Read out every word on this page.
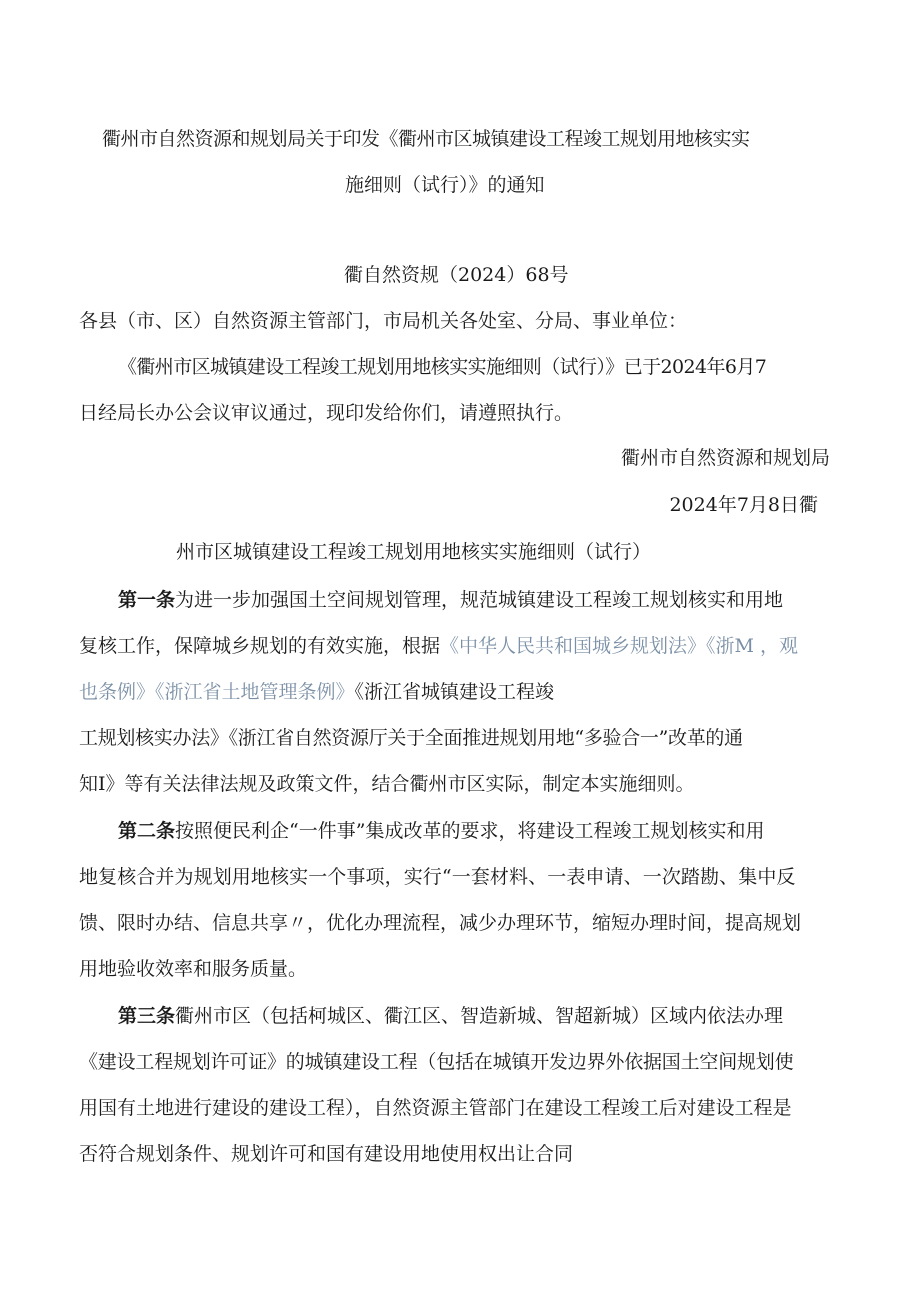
衢州市自然资源和规划局关于印发《衢州市区城镇建设工程竣工规划用地核实实
施细则（试行）》的通知
衢自然资规（2024）68号
各县（市、区）自然资源主管部门，市局机关各处室、分局、事业单位：
《衢州市区城镇建设工程竣工规划用地核实实施细则（试行）》已于2024年6月7
日经局长办公会议审议通过，现印发给你们，请遵照执行。
衢州市自然资源和规划局
2024年7月8日衢
州市区城镇建设工程竣工规划用地核实实施细则（试行）
第一条为进一步加强国土空间规划管理，规范城镇建设工程竣工规划核实和用地
复核工作，保障城乡规划的有效实施，根据《中华人民共和国城乡规划法》《浙M ，观
也条例》《浙江省土地管理条例》《浙江省城镇建设工程竣
工规划核实办法》《浙江省自然资源厅关于全面推进规划用地“多验合一”改革的通
知I》等有关法律法规及政策文件，结合衢州市区实际，制定本实施细则。
第二条按照便民利企“一件事”集成改革的要求，将建设工程竣工规划核实和用
地复核合并为规划用地核实一个事项，实行“一套材料、一表申请、一次踏勘、集中反
馈、限时办结、信息共享〃，优化办理流程，减少办理环节，缩短办理时间，提高规划
用地验收效率和服务质量。
第三条衢州市区（包括柯城区、衢江区、智造新城、智超新城）区域内依法办理
《建设工程规划许可证》的城镇建设工程（包括在城镇开发边界外依据国土空间规划使
用国有土地进行建设的建设工程），自然资源主管部门在建设工程竣工后对建设工程是
否符合规划条件、规划许可和国有建设用地使用权出让合同
